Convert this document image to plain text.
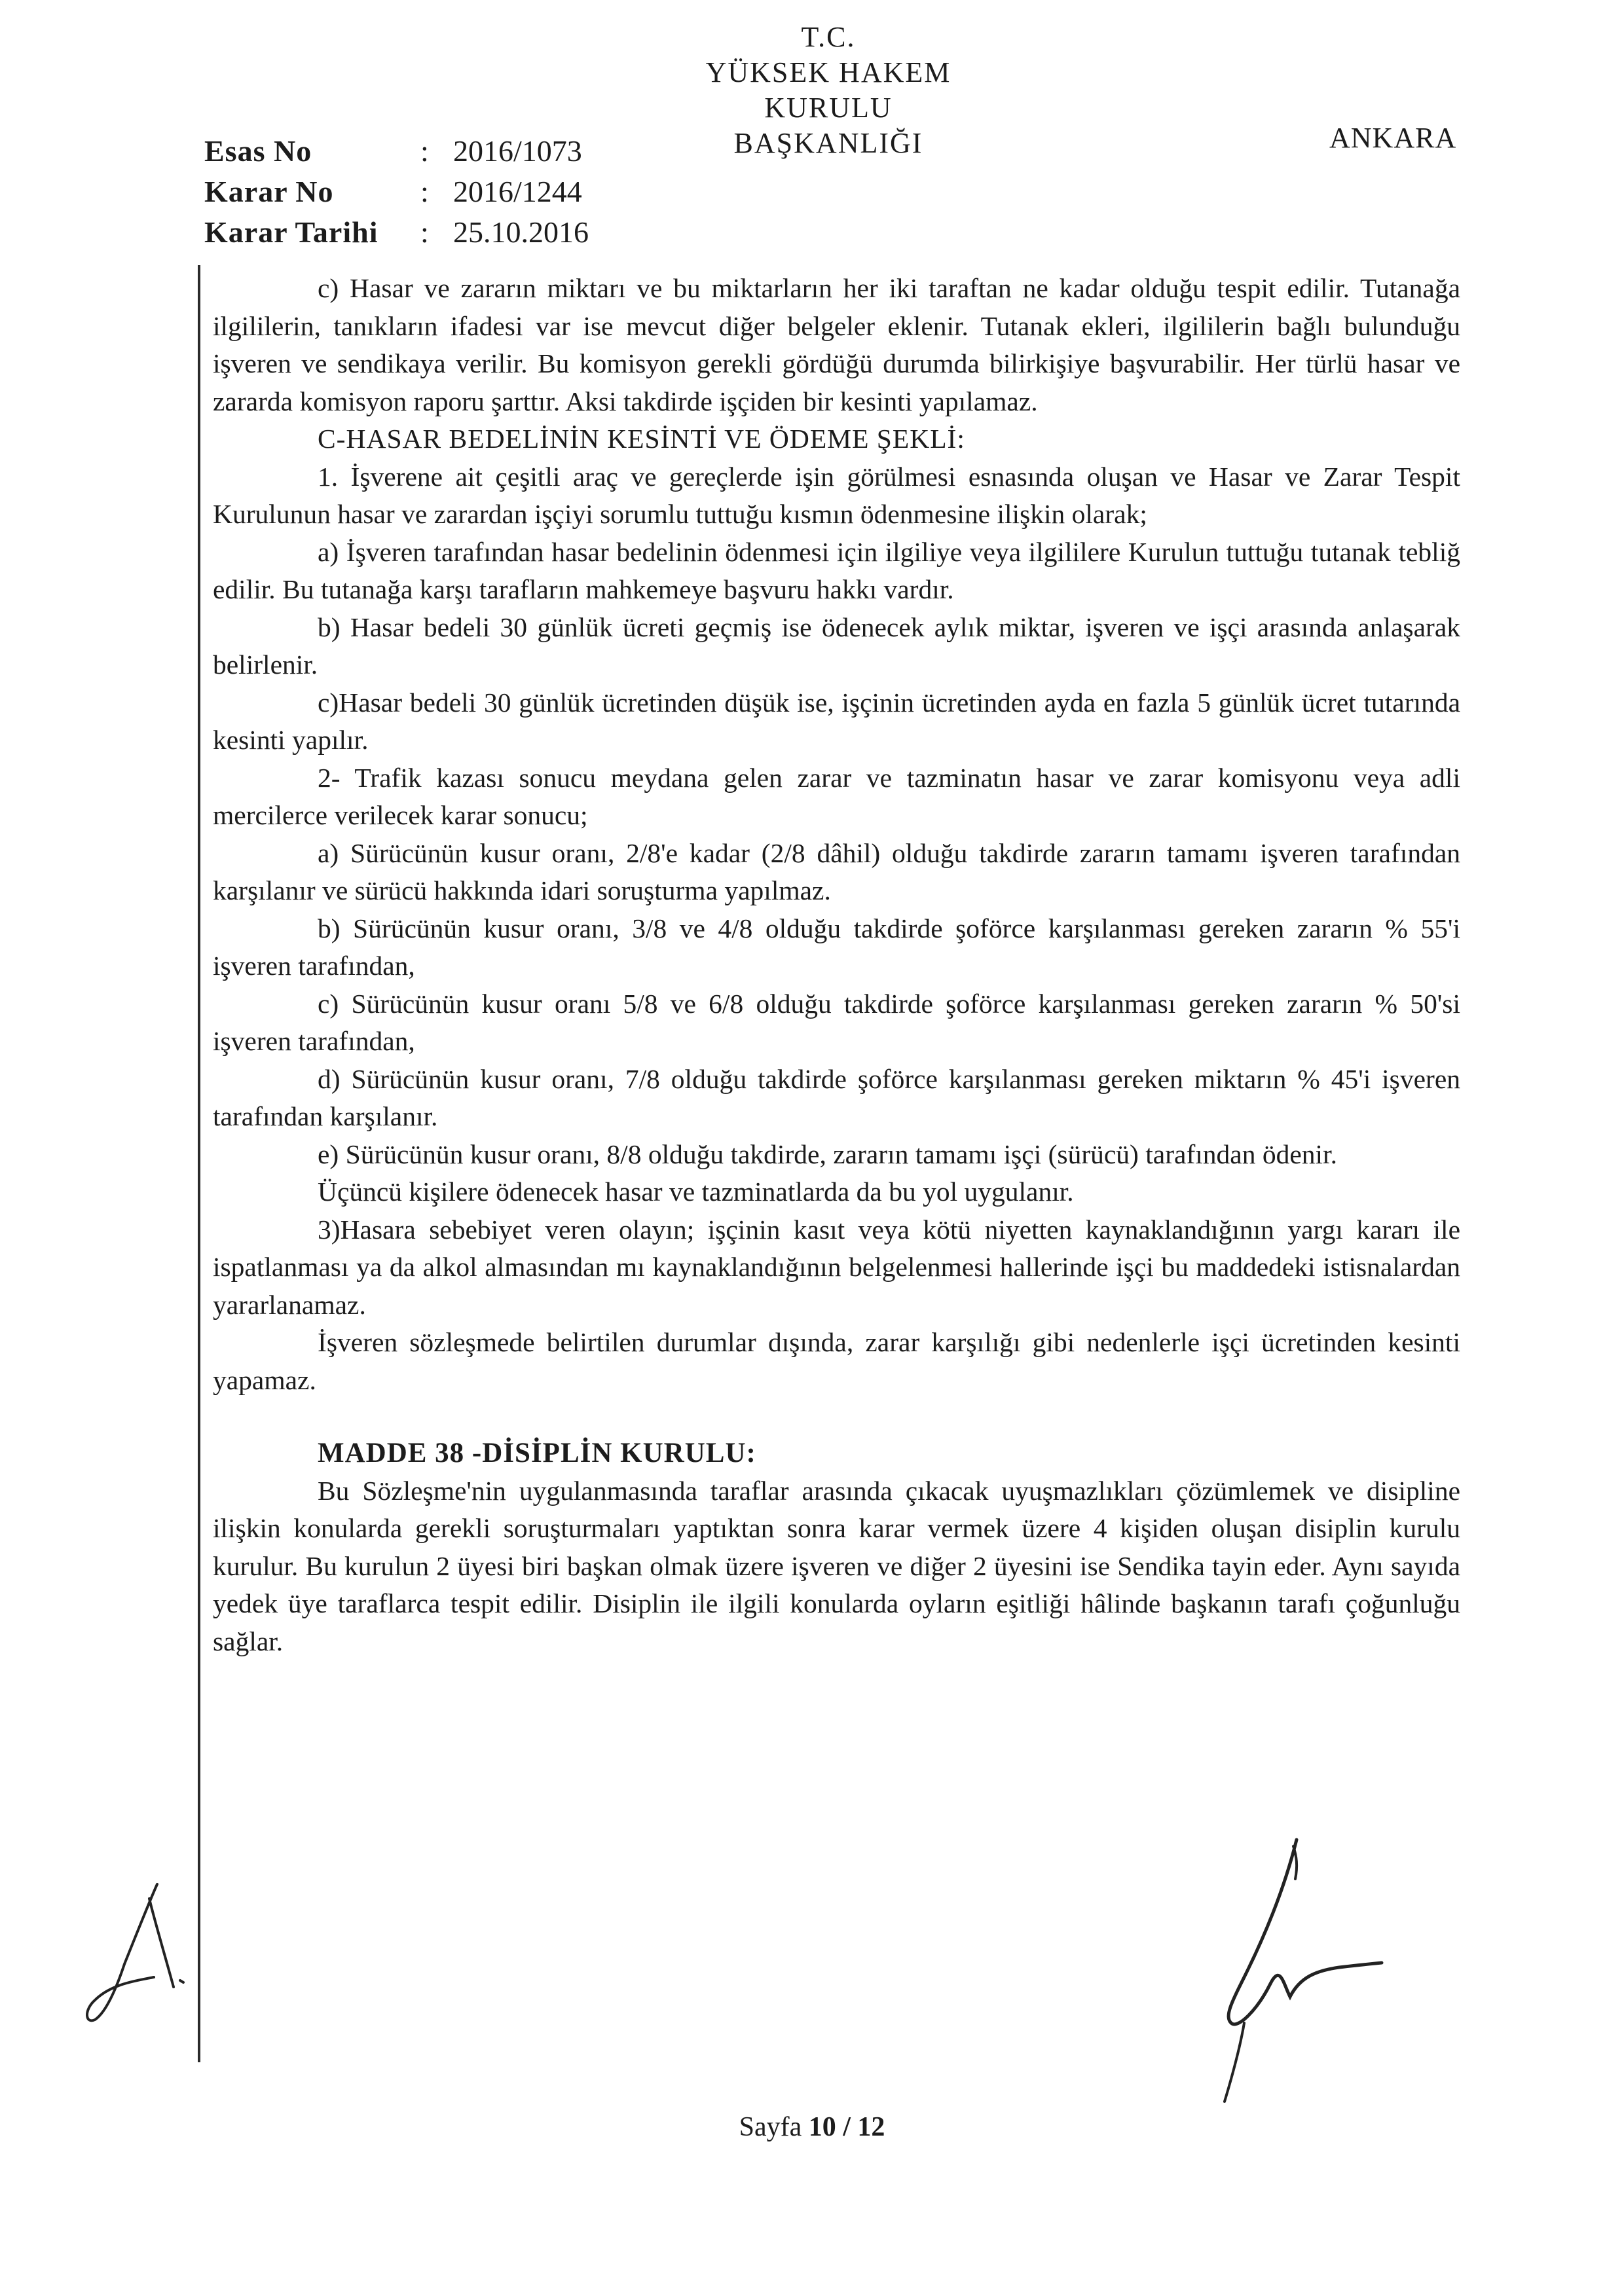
T.C.
YÜKSEK HAKEM KURULU
BAŞKANLIĞI	ANKARA
Esas No	: 2016/1073
Karar No	: 2016/1244
Karar Tarihi	: 25.10.2016

c) Hasar ve zararın miktarı ve bu miktarların her iki taraftan ne kadar olduğu tespit edilir. Tutanağa ilgililerin, tanıkların ifadesi var ise mevcut diğer belgeler eklenir. Tutanak ekleri, ilgililerin bağlı bulunduğu işveren ve sendikaya verilir. Bu komisyon gerekli gördüğü durumda bilirkişiye başvurabilir. Her türlü hasar ve zararda komisyon raporu şarttır. Aksi takdirde işçiden bir kesinti yapılamaz.

C-HASAR BEDELİNİN KESİNTİ VE ÖDEME ŞEKLİ:

1. İşverene ait çeşitli araç ve gereçlerde işin görülmesi esnasında oluşan ve Hasar ve Zarar Tespit Kurulunun hasar ve zarardan işçiyi sorumlu tuttuğu kısmın ödenmesine ilişkin olarak;

a) İşveren tarafından hasar bedelinin ödenmesi için ilgiliye veya ilgililere Kurulun tuttuğu tutanak tebliğ edilir. Bu tutanağa karşı tarafların mahkemeye başvuru hakkı vardır.

b) Hasar bedeli 30 günlük ücreti geçmiş ise ödenecek aylık miktar, işveren ve işçi arasında anlaşarak belirlenir.

c)Hasar bedeli 30 günlük ücretinden düşük ise, işçinin ücretinden ayda en fazla 5 günlük ücret tutarında kesinti yapılır.

2- Trafik kazası sonucu meydana gelen zarar ve tazminatın hasar ve zarar komisyonu veya adli mercilerce verilecek karar sonucu;

a) Sürücünün kusur oranı, 2/8'e kadar (2/8 dâhil) olduğu takdirde zararın tamamı işveren tarafından karşılanır ve sürücü hakkında idari soruşturma yapılmaz.

b) Sürücünün kusur oranı, 3/8 ve 4/8 olduğu takdirde şoförce karşılanması gereken zararın % 55'i işveren tarafından,

c) Sürücünün kusur oranı 5/8 ve 6/8 olduğu takdirde şoförce karşılanması gereken zararın % 50'si işveren tarafından,

d) Sürücünün kusur oranı, 7/8 olduğu takdirde şoförce karşılanması gereken miktarın % 45'i işveren tarafından karşılanır.

e) Sürücünün kusur oranı, 8/8 olduğu takdirde, zararın tamamı işçi (sürücü) tarafından ödenir.

Üçüncü kişilere ödenecek hasar ve tazminatlarda da bu yol uygulanır.

3)Hasara sebebiyet veren olayın; işçinin kasıt veya kötü niyetten kaynaklandığının yargı kararı ile ispatlanması ya da alkol almasından mı kaynaklandığının belgelenmesi hallerinde işçi bu maddedeki istisnalardan yararlanamaz.

İşveren sözleşmede belirtilen durumlar dışında, zarar karşılığı gibi nedenlerle işçi ücretinden kesinti yapamaz.

MADDE 38 -DİSİPLİN KURULU:

Bu Sözleşme'nin uygulanmasında taraflar arasında çıkacak uyuşmazlıkları çözümlemek ve disipline ilişkin konularda gerekli soruşturmaları yaptıktan sonra karar vermek üzere 4 kişiden oluşan disiplin kurulu kurulur. Bu kurulun 2 üyesi biri başkan olmak üzere işveren ve diğer 2 üyesini ise Sendika tayin eder. Aynı sayıda yedek üye taraflarca tespit edilir. Disiplin ile ilgili konularda oyların eşitliği hâlinde başkanın tarafı çoğunluğu sağlar.

Sayfa 10 / 12
